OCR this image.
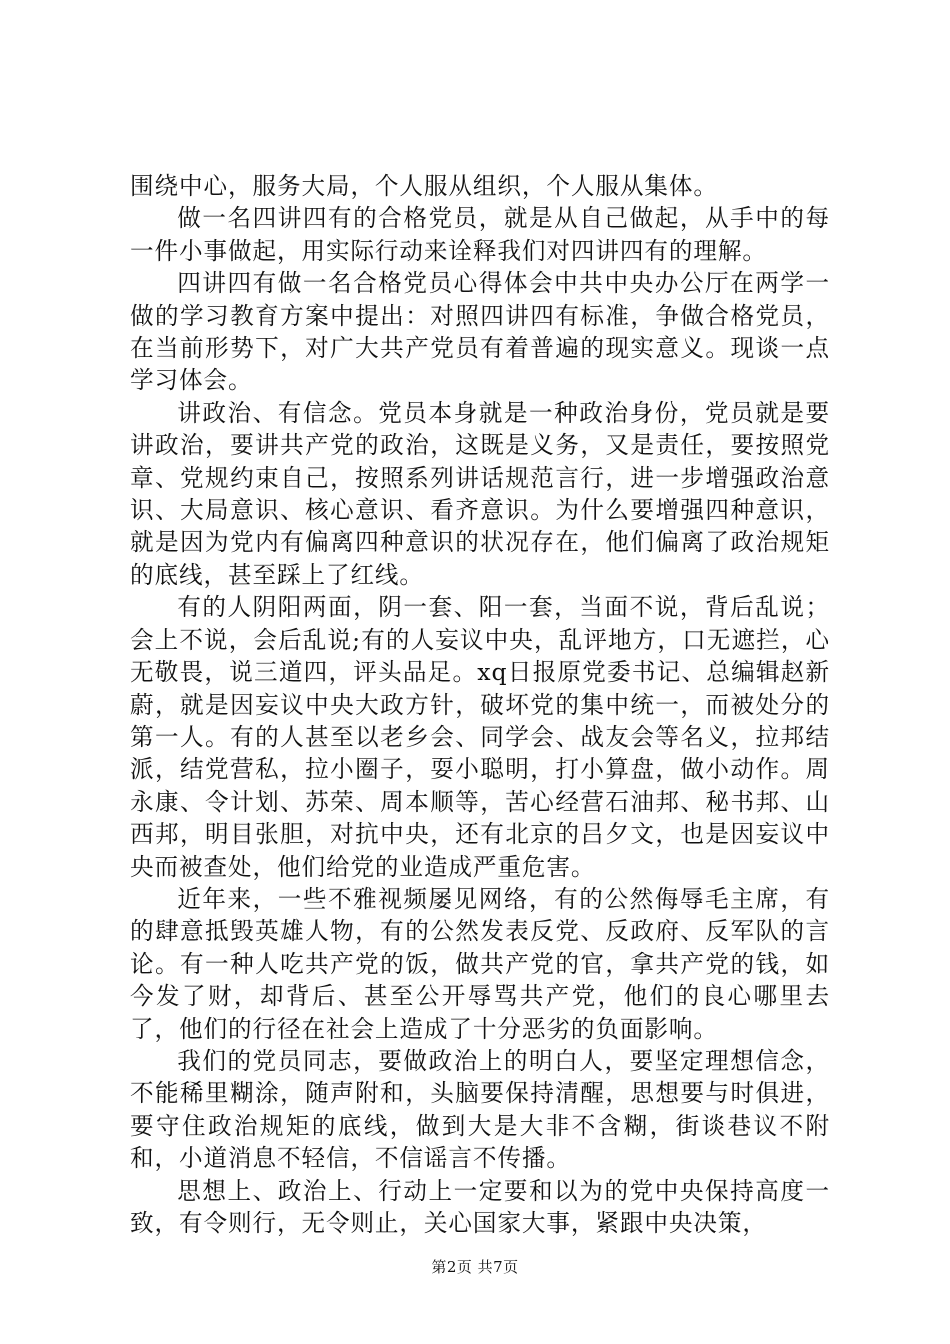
围绕中心，服务大局，个人服从组织，个人服从集体。

做一名四讲四有的合格党员，就是从自己做起，从手中的每一件小事做起，用实际行动来诠释我们对四讲四有的理解。

四讲四有做一名合格党员心得体会中共中央办公厅在两学一做的学习教育方案中提出：对照四讲四有标准，争做合格党员，在当前形势下，对广大共产党员有着普遍的现实意义。现谈一点学习体会。

讲政治、有信念。党员本身就是一种政治身份，党员就是要讲政治，要讲共产党的政治，这既是义务，又是责任，要按照党章、党规约束自己，按照系列讲话规范言行，进一步增强政治意识、大局意识、核心意识、看齐意识。为什么要增强四种意识，就是因为党内有偏离四种意识的状况存在，他们偏离了政治规矩的底线，甚至踩上了红线。

有的人阴阳两面，阴一套、阳一套，当面不说，背后乱说；会上不说，会后乱说;有的人妄议中央，乱评地方，口无遮拦，心无敬畏，说三道四，评头品足。xq日报原党委书记、总编辑赵新蔚，就是因妄议中央大政方针，破坏党的集中统一，而被处分的第一人。有的人甚至以老乡会、同学会、战友会等名义，拉邦结派，结党营私，拉小圈子，耍小聪明，打小算盘，做小动作。周永康、令计划、苏荣、周本顺等，苦心经营石油邦、秘书邦、山西邦，明目张胆，对抗中央，还有北京的吕夕文，也是因妄议中央而被查处，他们给党的业造成严重危害。

近年来，一些不雅视频屡见网络，有的公然侮辱毛主席，有的肆意抵毁英雄人物，有的公然发表反党、反政府、反军队的言论。有一种人吃共产党的饭，做共产党的官，拿共产党的钱，如今发了财，却背后、甚至公开辱骂共产党，他们的良心哪里去了，他们的行径在社会上造成了十分恶劣的负面影响。

我们的党员同志，要做政治上的明白人，要坚定理想信念，不能稀里糊涂，随声附和，头脑要保持清醒，思想要与时俱进，要守住政治规矩的底线，做到大是大非不含糊，街谈巷议不附和，小道消息不轻信，不信谣言不传播。

思想上、政治上、行动上一定要和以为的党中央保持高度一致，有令则行，无令则止，关心国家大事，紧跟中央决策，

第2页 共7页
